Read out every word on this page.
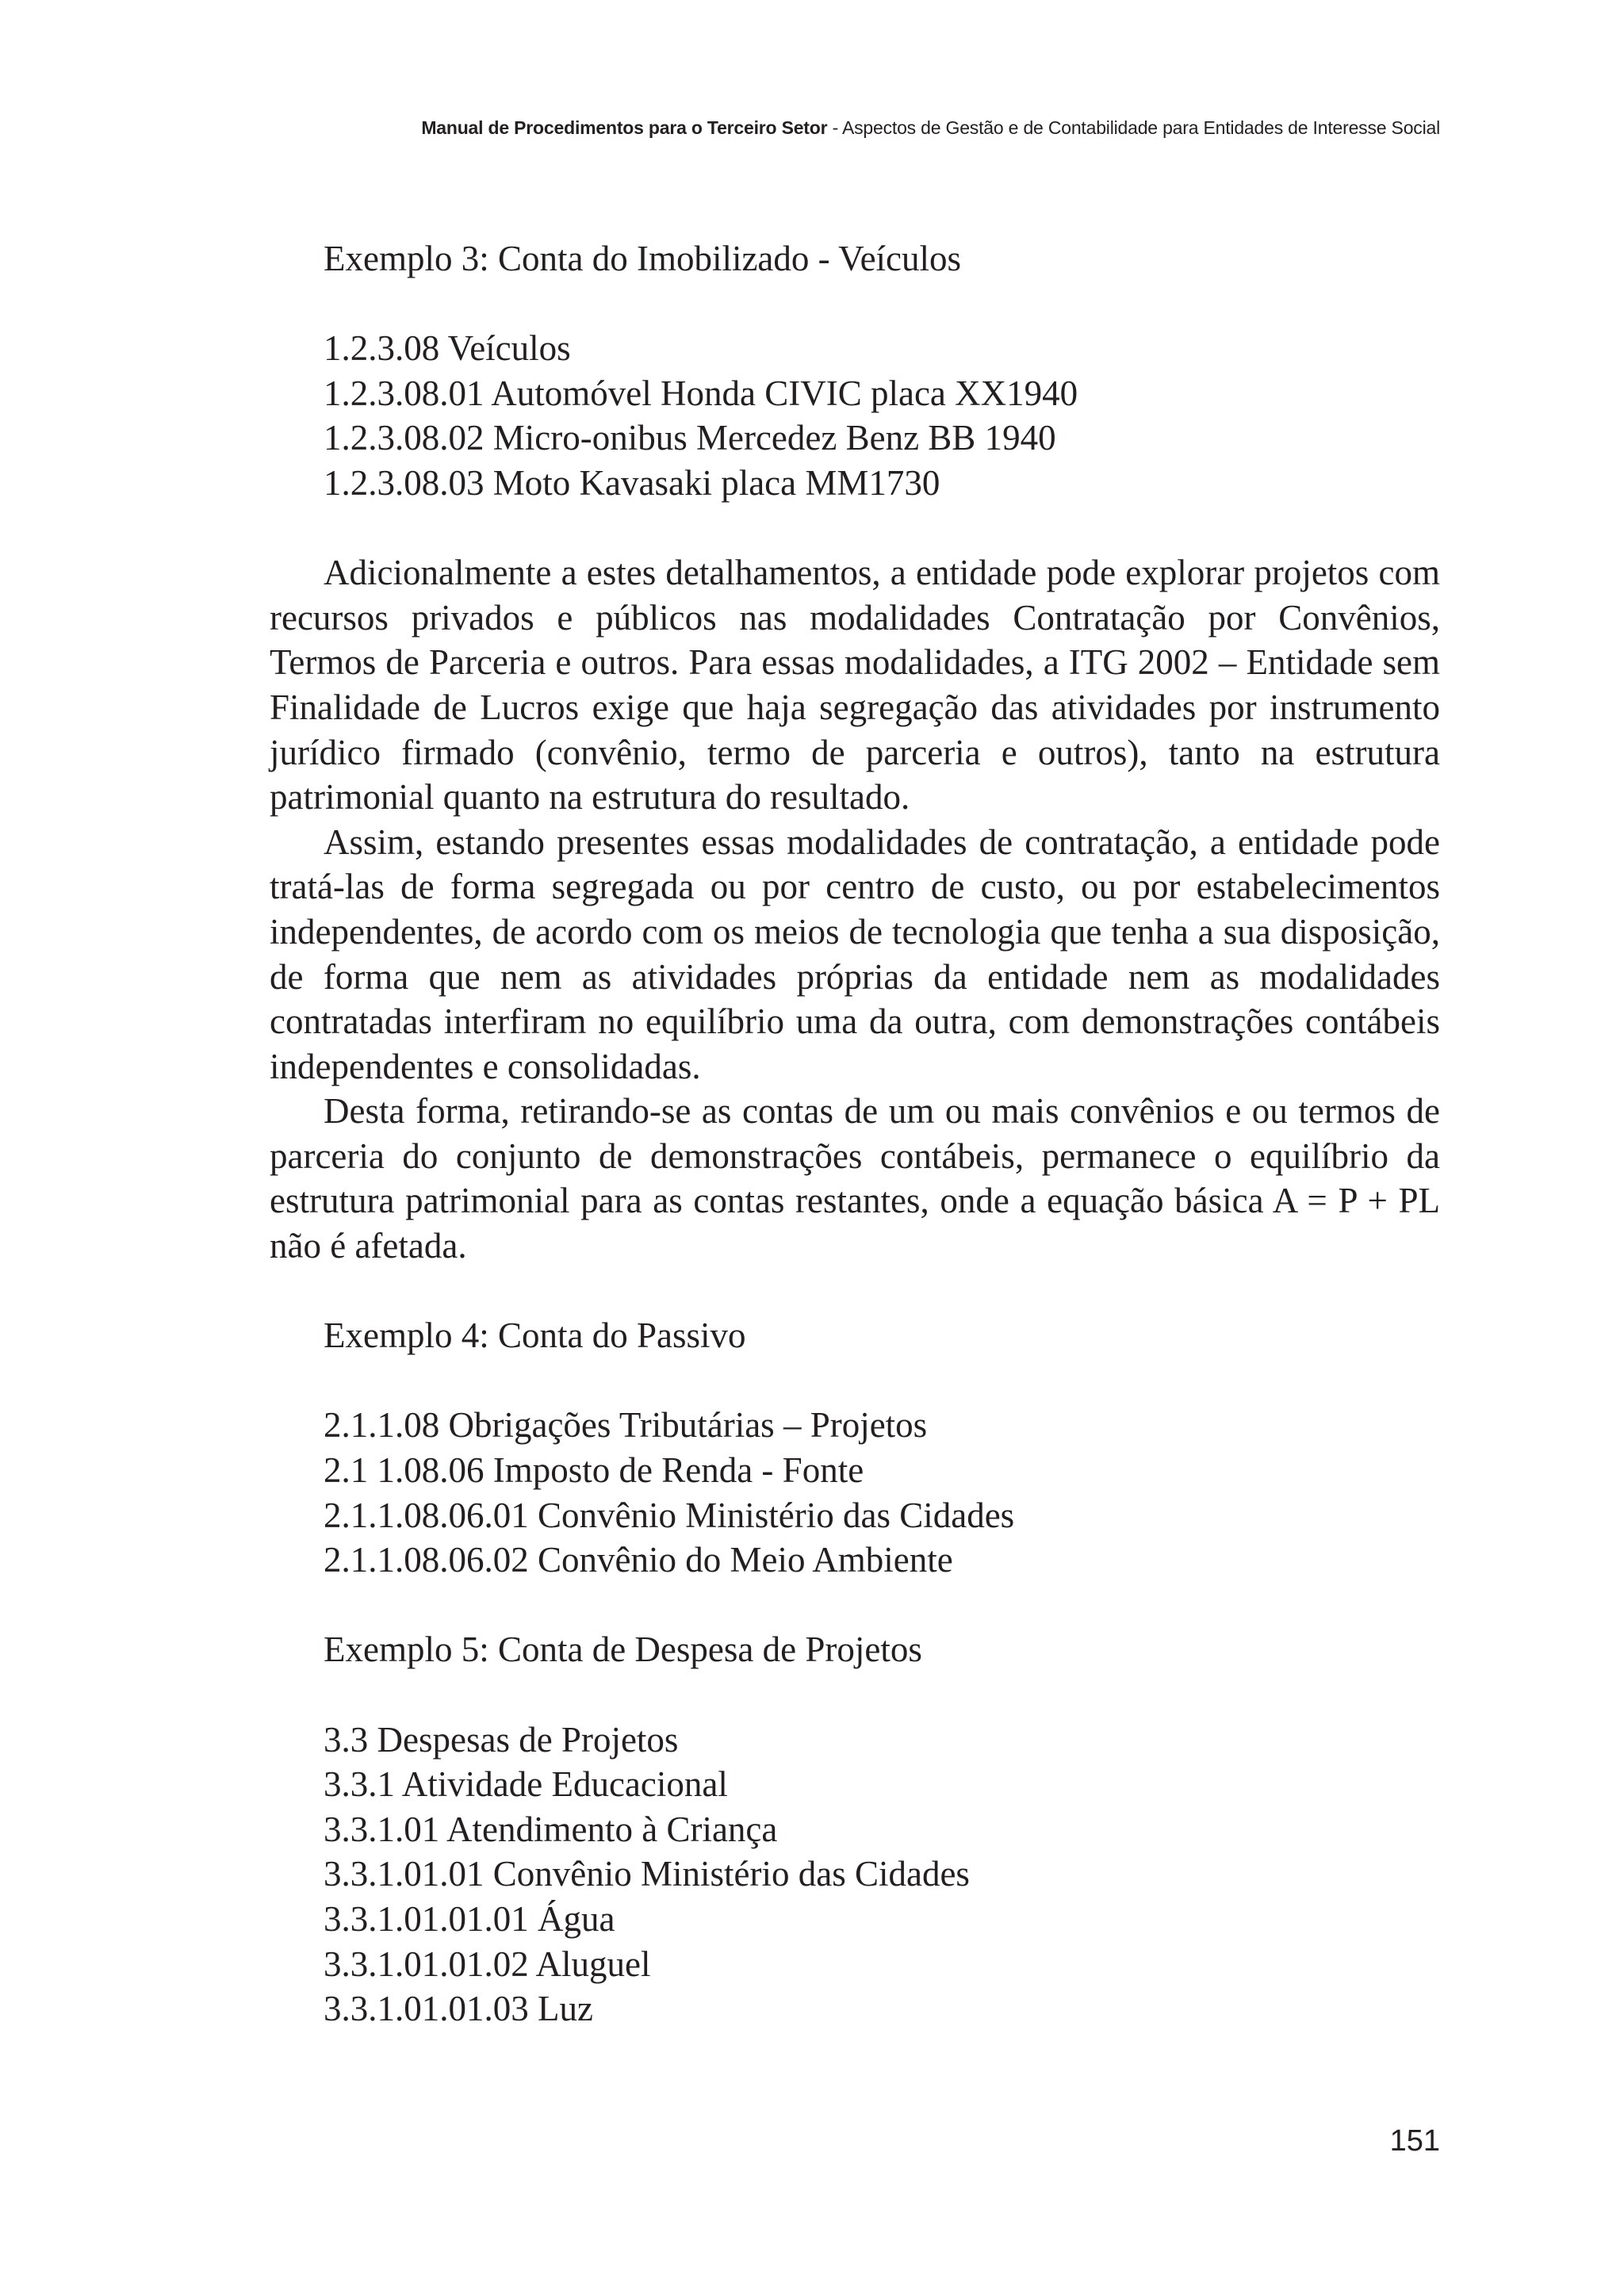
Manual de Procedimentos para o Terceiro Setor - Aspectos de Gestão e de Contabilidade para Entidades de Interesse Social
Exemplo 3: Conta do Imobilizado - Veículos
1.2.3.08 Veículos
1.2.3.08.01 Automóvel Honda CIVIC placa XX1940
1.2.3.08.02 Micro-onibus Mercedez Benz BB 1940
1.2.3.08.03 Moto Kavasaki placa MM1730
Adicionalmente a estes detalhamentos, a entidade pode explorar projetos com recursos privados e públicos nas modalidades Contratação por Convênios, Termos de Parceria e outros. Para essas modalidades, a ITG 2002 – Entidade sem Finalidade de Lucros exige que haja segregação das atividades por instrumento jurídico firmado (convênio, termo de parceria e outros), tanto na estrutura patrimonial quanto na estrutura do resultado.
Assim, estando presentes essas modalidades de contratação, a entidade pode tratá-las de forma segregada ou por centro de custo, ou por estabelecimentos independentes, de acordo com os meios de tecnologia que tenha a sua disposição, de forma que nem as atividades próprias da entidade nem as modalidades contratadas interfiram no equilíbrio uma da outra, com demonstrações contábeis independentes e consolidadas.
Desta forma, retirando-se as contas de um ou mais convênios e ou termos de parceria do conjunto de demonstrações contábeis, permanece o equilíbrio da estrutura patrimonial para as contas restantes, onde a equação básica A = P + PL não é afetada.
Exemplo 4: Conta do Passivo
2.1.1.08 Obrigações Tributárias – Projetos
2.1 1.08.06 Imposto de Renda - Fonte
2.1.1.08.06.01 Convênio Ministério das Cidades
2.1.1.08.06.02 Convênio do Meio Ambiente
Exemplo 5: Conta de Despesa de Projetos
3.3 Despesas de Projetos
3.3.1 Atividade Educacional
3.3.1.01 Atendimento à Criança
3.3.1.01.01 Convênio Ministério das Cidades
3.3.1.01.01.01 Água
3.3.1.01.01.02 Aluguel
3.3.1.01.01.03 Luz
151
